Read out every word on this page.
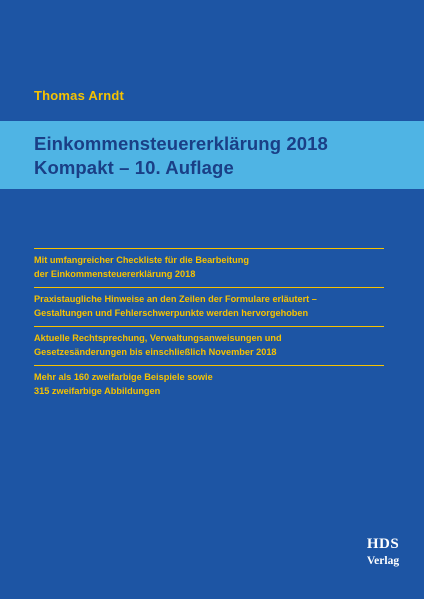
Thomas Arndt
Einkommensteuererklärung 2018
Kompakt – 10. Auflage
Mit umfangreicher Checkliste für die Bearbeitung
der Einkommensteuererklärung 2018
Praxistaugliche Hinweise an den Zeilen der Formulare erläutert –
Gestaltungen und Fehlerschwerpunkte werden hervorgehoben
Aktuelle Rechtsprechung, Verwaltungsanweisungen und
Gesetzesänderungen bis einschließlich November 2018
Mehr als 160 zweifarbige Beispiele sowie
315 zweifarbige Abbildungen
HDS
Verlag
